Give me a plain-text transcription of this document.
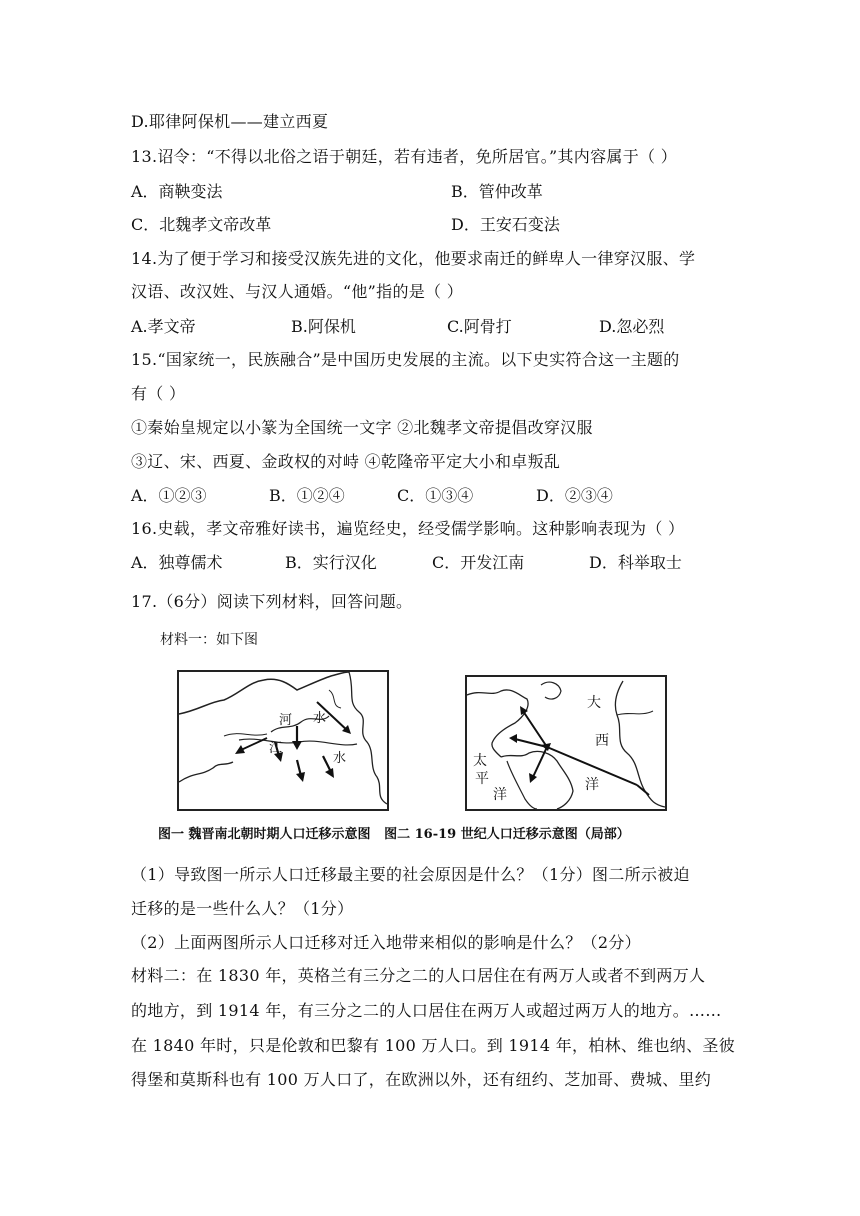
D.耶律阿保机——建立西夏
13.诏令：“不得以北俗之语于朝廷，若有违者，免所居官。”其内容属于（ ）
A．商鞅变法	B．管仲改革
C．北魏孝文帝改革	D．王安石变法
14.为了便于学习和接受汉族先进的文化，他要求南迁的鲜卑人一律穿汉服、学
汉语、改汉姓、与汉人通婚。“他”指的是（ ）
A.孝文帝	B.阿保机	C.阿骨打	D.忽必烈
15.“国家统一，民族融合”是中国历史发展的主流。以下史实符合这一主题的
有（ ）
①秦始皇规定以小篆为全国统一文字 ②北魏孝文帝提倡改穿汉服
③辽、宋、西夏、金政权的对峙 ④乾隆帝平定大小和卓叛乱
A．①②③	B．①②④	C．①③④	D．②③④
16.史载，孝文帝雅好读书，遍览经史，经受儒学影响。这种影响表现为（ ）
A．独尊儒术	B．实行汉化	C．开发江南	D．科举取士
17.（6分）阅读下列材料，回答问题。
材料一：如下图
河 水
江
水
大
西
洋
太
平
洋
图一 魏晋南北朝时期人口迁移示意图 图二 16-19 世纪人口迁移示意图（局部）
（1）导致图一所示人口迁移最主要的社会原因是什么？（1分）图二所示被迫
迁移的是一些什么人？（1分）
（2）上面两图所示人口迁移对迁入地带来相似的影响是什么？（2分）
材料二：在 1830 年，英格兰有三分之二的人口居住在有两万人或者不到两万人
的地方，到 1914 年，有三分之二的人口居住在两万人或超过两万人的地方。……
在 1840 年时，只是伦敦和巴黎有 100 万人口。到 1914 年，柏林、维也纳、圣彼
得堡和莫斯科也有 100 万人口了，在欧洲以外，还有纽约、芝加哥、费城、里约
